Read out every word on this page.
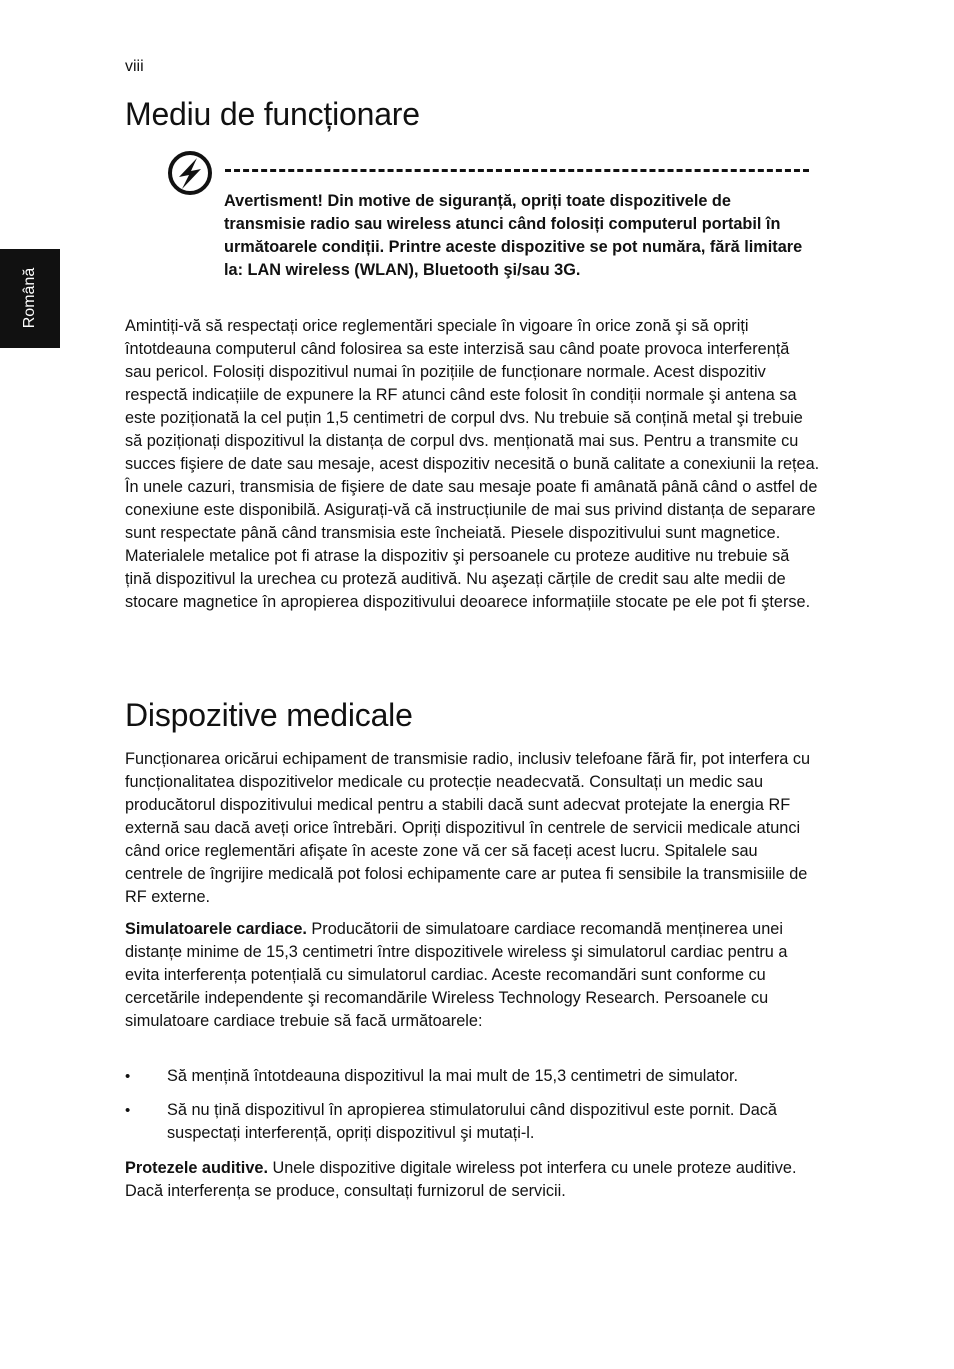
viii
Română
Mediu de funcționare

Avertisment! Din motive de siguranță, opriți toate dispozitivele de transmisie radio sau wireless atunci când folosiți computerul portabil în următoarele condiții. Printre aceste dispozitive se pot număra, fără limitare la: LAN wireless (WLAN), Bluetooth şi/sau 3G.

Amintiți-vă să respectați orice reglementări speciale în vigoare în orice zonă şi să opriți întotdeauna computerul când folosirea sa este interzisă sau când poate provoca interferență sau pericol. Folosiți dispozitivul numai în pozițiile de funcționare normale. Acest dispozitiv respectă indicațiile de expunere la RF atunci când este folosit în condiții normale şi antena sa este poziționată la cel puțin 1,5 centimetri de corpul dvs. Nu trebuie să conțină metal şi trebuie să poziționați dispozitivul la distanța de corpul dvs. menționată mai sus. Pentru a transmite cu succes fişiere de date sau mesaje, acest dispozitiv necesită o bună calitate a conexiunii la rețea. În unele cazuri, transmisia de fişiere de date sau mesaje poate fi amânată până când o astfel de conexiune este disponibilă. Asigurați-vă că instrucțiunile de mai sus privind distanța de separare sunt respectate până când transmisia este încheiată. Piesele dispozitivului sunt magnetice. Materialele metalice pot fi atrase la dispozitiv şi persoanele cu proteze auditive nu trebuie să țină dispozitivul la urechea cu proteză auditivă. Nu aşezați cărțile de credit sau alte medii de stocare magnetice în apropierea dispozitivului deoarece informațiile stocate pe ele pot fi şterse.

Dispozitive medicale

Funcționarea oricărui echipament de transmisie radio, inclusiv telefoane fără fir, pot interfera cu funcționalitatea dispozitivelor medicale cu protecție neadecvată. Consultați un medic sau producătorul dispozitivului medical pentru a stabili dacă sunt adecvat protejate la energia RF externă sau dacă aveți orice întrebări. Opriți dispozitivul în centrele de servicii medicale atunci când orice reglementări afişate în aceste zone vă cer să faceți acest lucru. Spitalele sau centrele de îngrijire medicală pot folosi echipamente care ar putea fi sensibile la transmisiile de RF externe.

Simulatoarele cardiace. Producătorii de simulatoare cardiace recomandă menținerea unei distanțe minime de 15,3 centimetri între dispozitivele wireless şi simulatorul cardiac pentru a evita interferența potențială cu simulatorul cardiac. Aceste recomandări sunt conforme cu cercetările independente şi recomandările Wireless Technology Research. Persoanele cu simulatoare cardiace trebuie să facă următoarele:

• Să mențină întotdeauna dispozitivul la mai mult de 15,3 centimetri de simulator.
• Să nu țină dispozitivul în apropierea stimulatorului când dispozitivul este pornit. Dacă suspectați interferență, opriți dispozitivul şi mutați-l.

Protezele auditive. Unele dispozitive digitale wireless pot interfera cu unele proteze auditive. Dacă interferența se produce, consultați furnizorul de servicii.
